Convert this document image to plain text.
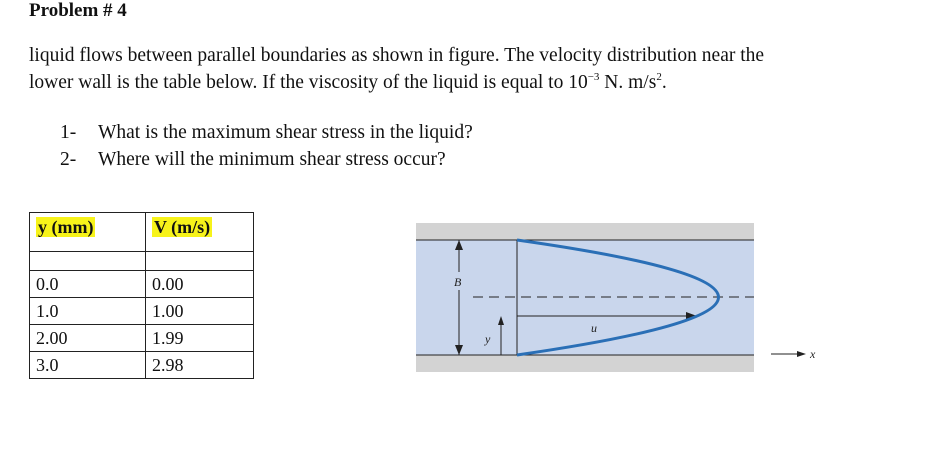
Problem # 4
liquid flows between parallel boundaries as shown in figure. The velocity distribution near the
lower wall is the table below. If the viscosity of the liquid is equal to $10^{-3}$ N. $m/s^2$.
1- What is the maximum shear stress in the liquid?
2- Where will the minimum shear stress occur?
y (mm)	V (m/s)

0.0	0.00
1.0	1.00
2.00	1.99
3.0	2.98
B
y
u
x
